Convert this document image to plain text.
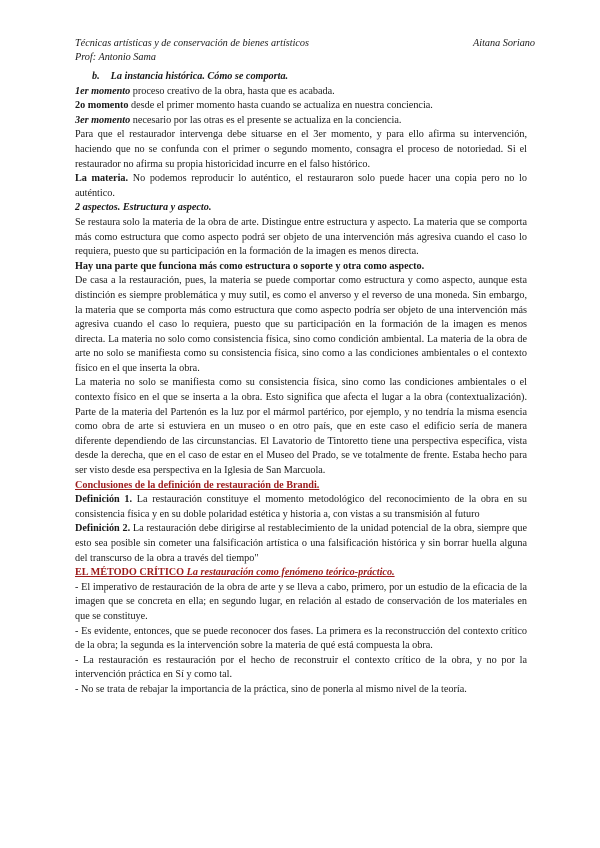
Técnicas artísticas y de conservación de bienes artísticos	Aitana Soriano
Prof: Antonio Sama

b. La instancia histórica. Cómo se comporta.

1er momento proceso creativo de la obra, hasta que es acabada.

2o momento desde el primer momento hasta cuando se actualiza en nuestra conciencia.

3er momento necesario por las otras es el presente se actualiza en la conciencia.

Para que el restaurador intervenga debe situarse en el 3er momento, y para ello afirma su intervención, haciendo que no se confunda con el primer o segundo momento, consagra el proceso de notoriedad. Si el restaurador no afirma su propia historicidad incurre en el falso histórico.

La materia. No podemos reproducir lo auténtico, el restauraron solo puede hacer una copia pero no lo auténtico.

2 aspectos. Estructura y aspecto.

Se restaura solo la materia de la obra de arte. Distingue entre estructura y aspecto. La materia que se comporta más como estructura que como aspecto podrá ser objeto de una intervención más agresiva cuando el caso lo requiera, puesto que su participación en la formación de la imagen es menos directa.

Hay una parte que funciona más como estructura o soporte y otra como aspecto.

De casa a la restauración, pues, la materia se puede comportar como estructura y como aspecto, aunque esta distinción es siempre problemática y muy sutil, es como el anverso y el reverso de una moneda. Sin embargo, la materia que se comporta más como estructura que como aspecto podría ser objeto de una intervención más agresiva cuando el caso lo requiera, puesto que su participación en la formación de la imagen es menos directa. La materia no solo como consistencia física, sino como condición ambiental. La materia de la obra de arte no solo se manifiesta como su consistencia física, sino como a las condiciones ambientales o el contexto físico en el que inserta la obra.

La materia no solo se manifiesta como su consistencia física, sino como las condiciones ambientales o el contexto físico en el que se inserta a la obra. Esto significa que afecta el lugar a la obra (contextualización). Parte de la materia del Partenón es la luz por el mármol partérico, por ejemplo, y no tendría la misma esencia como obra de arte si estuviera en un museo o en otro país, que en este caso el edificio sería de manera diferente dependiendo de las circunstancias. El Lavatorio de Tintoretto tiene una perspectiva específica, vista desde la derecha, que en el caso de estar en el Museo del Prado, se ve totalmente de frente. Estaba hecho para ser visto desde esa perspectiva en la Iglesia de San Marcuola.

Conclusiones de la definición de restauración de Brandi.

Definición 1. La restauración constituye el momento metodológico del reconocimiento de la obra en su consistencia física y en su doble polaridad estética y historia a, con vistas a su transmisión al futuro

Definición 2. La restauración debe dirigirse al restablecimiento de la unidad potencial de la obra, siempre que esto sea posible sin cometer una falsificación artística o una falsificación histórica y sin borrar huella alguna del transcurso de la obra a través del tiempo"

EL MÉTODO CRÍTICO La restauración como fenómeno teórico-práctico.

- El imperativo de restauración de la obra de arte y se lleva a cabo, primero, por un estudio de la eficacia de la imagen que se concreta en ella; en segundo lugar, en relación al estado de conservación de los materiales en que se constituye.

- Es evidente, entonces, que se puede reconocer dos fases. La primera es la reconstrucción del contexto crítico de la obra; la segunda es la intervención sobre la materia de qué está compuesta la obra.

- La restauración es restauración por el hecho de reconstruir el contexto crítico de la obra, y no por la intervención práctica en Sí y como tal.

- No se trata de rebajar la importancia de la práctica, sino de ponerla al mismo nivel de la teoría.
